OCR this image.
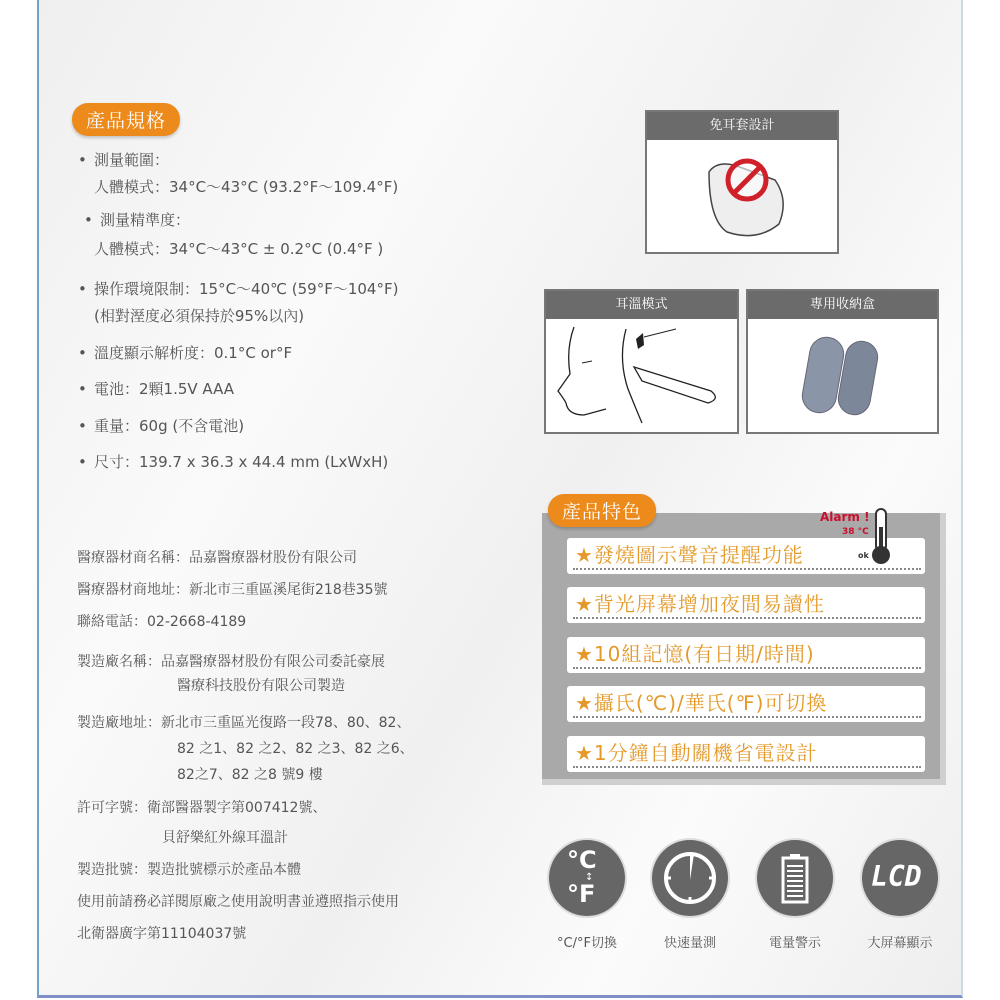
產品規格
• 測量範圍：
人體模式：34°C～43°C (93.2°F～109.4°F)
• 測量精準度：
人體模式：34°C～43°C ± 0.2°C (0.4°F )
• 操作環境限制：15°C～40℃ (59°F～104°F)
(相對溼度必須保持於95%以內)
• 溫度顯示解析度：0.1°C or°F
• 電池：2顆1.5V AAA
• 重量：60g (不含電池)
• 尺寸：139.7 x 36.3 x 44.4 mm (LxWxH)
醫療器材商名稱：品嘉醫療器材股份有限公司
醫療器材商地址：新北市三重區溪尾街218巷35號
聯絡電話：02-2668-4189
製造廠名稱：品嘉醫療器材股份有限公司委託豪展
醫療科技股份有限公司製造
製造廠地址：新北市三重區光復路一段78、80、82、
82 之1、82 之2、82 之3、82 之6、
82之7、82 之8 號9 樓
許可字號：衛部醫器製字第007412號、
貝舒樂紅外線耳溫計
製造批號：製造批號標示於產品本體
使用前請務必詳閱原廠之使用說明書並遵照指示使用
北衛器廣字第11104037號
免耳套設計
耳溫模式	專用收納盒
★發燒圖示聲音提醒功能
★背光屏幕增加夜間易讀性
★10組記憶(有日期/時間)
★攝氏(℃)/華氏(℉)可切換
★1分鐘自動關機省電設計
Alarm !
38 °C
ok
產品特色
°C
↕
°F
LCD
°C/°F切換	快速量測	電量警示	大屏幕顯示
